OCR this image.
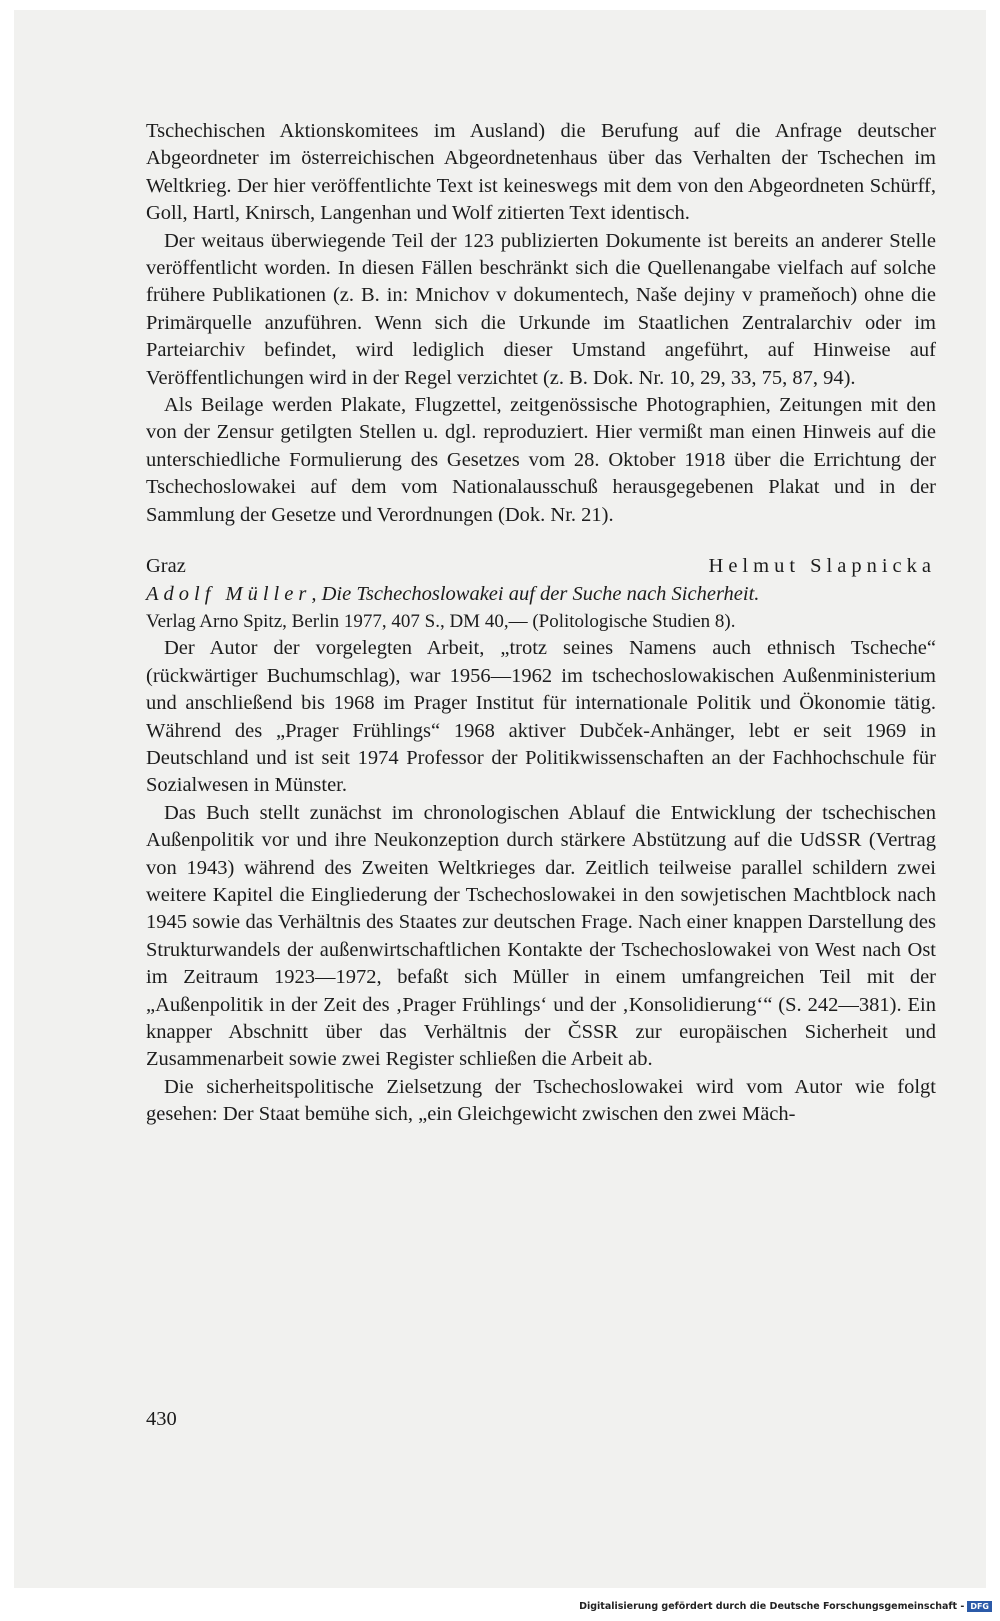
Tschechischen Aktionskomitees im Ausland) die Berufung auf die Anfrage deutscher Abgeordneter im österreichischen Abgeordnetenhaus über das Verhalten der Tschechen im Weltkrieg. Der hier veröffentlichte Text ist keineswegs mit dem von den Abgeordneten Schürff, Goll, Hartl, Knirsch, Langenhan und Wolf zitierten Text identisch.

Der weitaus überwiegende Teil der 123 publizierten Dokumente ist bereits an anderer Stelle veröffentlicht worden. In diesen Fällen beschränkt sich die Quellenangabe vielfach auf solche frühere Publikationen (z. B. in: Mnichov v dokumentech, Naše dejiny v prameňoch) ohne die Primärquelle anzuführen. Wenn sich die Urkunde im Staatlichen Zentralarchiv oder im Parteiarchiv befindet, wird lediglich dieser Umstand angeführt, auf Hinweise auf Veröffentlichungen wird in der Regel verzichtet (z. B. Dok. Nr. 10, 29, 33, 75, 87, 94).

Als Beilage werden Plakate, Flugzettel, zeitgenössische Photographien, Zeitungen mit den von der Zensur getilgten Stellen u. dgl. reproduziert. Hier vermißt man einen Hinweis auf die unterschiedliche Formulierung des Gesetzes vom 28. Oktober 1918 über die Errichtung der Tschechoslowakei auf dem vom Nationalausschuß herausgegebenen Plakat und in der Sammlung der Gesetze und Verordnungen (Dok. Nr. 21).

Graz	Helmut Slapnicka

Adolf Müller, Die Tschechoslowakei auf der Suche nach Sicherheit.

Verlag Arno Spitz, Berlin 1977, 407 S., DM 40,— (Politologische Studien 8).

Der Autor der vorgelegten Arbeit, „trotz seines Namens auch ethnisch Tscheche“ (rückwärtiger Buchumschlag), war 1956—1962 im tschechoslowakischen Außenministerium und anschließend bis 1968 im Prager Institut für internationale Politik und Ökonomie tätig. Während des „Prager Frühlings“ 1968 aktiver Dubček-Anhänger, lebt er seit 1969 in Deutschland und ist seit 1974 Professor der Politikwissenschaften an der Fachhochschule für Sozialwesen in Münster.

Das Buch stellt zunächst im chronologischen Ablauf die Entwicklung der tschechischen Außenpolitik vor und ihre Neukonzeption durch stärkere Abstützung auf die UdSSR (Vertrag von 1943) während des Zweiten Weltkrieges dar. Zeitlich teilweise parallel schildern zwei weitere Kapitel die Eingliederung der Tschechoslowakei in den sowjetischen Machtblock nach 1945 sowie das Verhältnis des Staates zur deutschen Frage. Nach einer knappen Darstellung des Strukturwandels der außenwirtschaftlichen Kontakte der Tschechoslowakei von West nach Ost im Zeitraum 1923—1972, befaßt sich Müller in einem umfangreichen Teil mit der „Außenpolitik in der Zeit des ‚Prager Frühlings‘ und der ‚Konsolidierung‘“ (S. 242—381). Ein knapper Abschnitt über das Verhältnis der ČSSR zur europäischen Sicherheit und Zusammenarbeit sowie zwei Register schließen die Arbeit ab.

Die sicherheitspolitische Zielsetzung der Tschechoslowakei wird vom Autor wie folgt gesehen: Der Staat bemühe sich, „ein Gleichgewicht zwischen den zwei Mäch-

430
Digitalisierung gefördert durch die Deutsche Forschungsgemeinschaft - DFG
